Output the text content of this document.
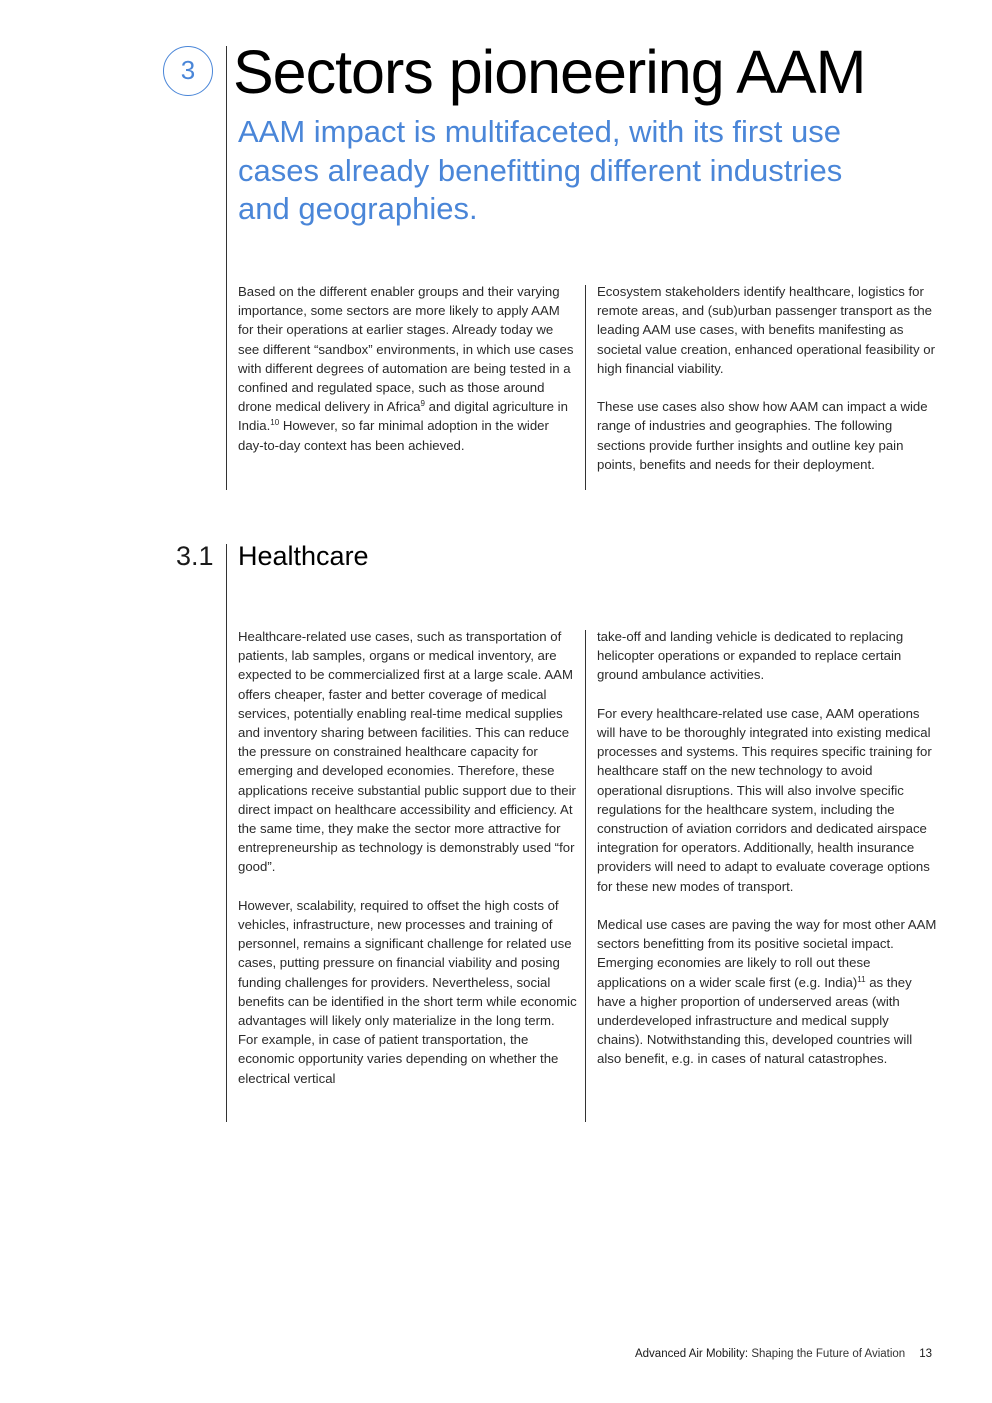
3 Sectors pioneering AAM
AAM impact is multifaceted, with its first use cases already benefitting different industries and geographies.

Based on the different enabler groups and their varying importance, some sectors are more likely to apply AAM for their operations at earlier stages. Already today we see different “sandbox” environments, in which use cases with different degrees of automation are being tested in a confined and regulated space, such as those around drone medical delivery in Africa$^9$ and digital agriculture in India.$^{10}$ However, so far minimal adoption in the wider day-to-day context has been achieved.

Ecosystem stakeholders identify healthcare, logistics for remote areas, and (sub)urban passenger transport as the leading AAM use cases, with benefits manifesting as societal value creation, enhanced operational feasibility or high financial viability.

These use cases also show how AAM can impact a wide range of industries and geographies. The following sections provide further insights and outline key pain points, benefits and needs for their deployment.

3.1 Healthcare

Healthcare-related use cases, such as transportation of patients, lab samples, organs or medical inventory, are expected to be commercialized first at a large scale. AAM offers cheaper, faster and better coverage of medical services, potentially enabling real-time medical supplies and inventory sharing between facilities. This can reduce the pressure on constrained healthcare capacity for emerging and developed economies. Therefore, these applications receive substantial public support due to their direct impact on healthcare accessibility and efficiency. At the same time, they make the sector more attractive for entrepreneurship as technology is demonstrably used “for good”.

However, scalability, required to offset the high costs of vehicles, infrastructure, new processes and training of personnel, remains a significant challenge for related use cases, putting pressure on financial viability and posing funding challenges for providers. Nevertheless, social benefits can be identified in the short term while economic advantages will likely only materialize in the long term. For example, in case of patient transportation, the economic opportunity varies depending on whether the electrical vertical

take-off and landing vehicle is dedicated to replacing helicopter operations or expanded to replace certain ground ambulance activities.

For every healthcare-related use case, AAM operations will have to be thoroughly integrated into existing medical processes and systems. This requires specific training for healthcare staff on the new technology to avoid operational disruptions. This will also involve specific regulations for the healthcare system, including the construction of aviation corridors and dedicated airspace integration for operators. Additionally, health insurance providers will need to adapt to evaluate coverage options for these new modes of transport.

Medical use cases are paving the way for most other AAM sectors benefitting from its positive societal impact. Emerging economies are likely to roll out these applications on a wider scale first (e.g. India)$^{11}$ as they have a higher proportion of underserved areas (with underdeveloped infrastructure and medical supply chains). Notwithstanding this, developed countries will also benefit, e.g. in cases of natural catastrophes.

Advanced Air Mobility: Shaping the Future of Aviation 13
